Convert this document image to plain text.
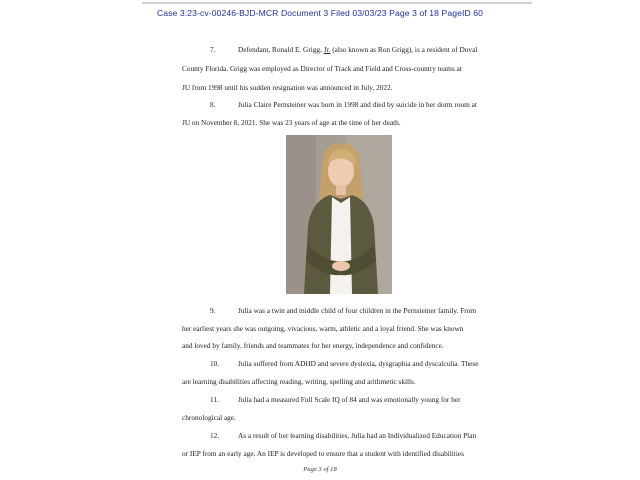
Case 3:23-cv-00246-BJD-MCR Document 3 Filed 03/03/23 Page 3 of 18 PageID 60
7.	Defendant, Ronald E. Grigg, Jr. (also known as Ron Grigg), is a resident of Duval
County Florida. Grigg was employed as Director of Track and Field and Cross-country teams at
JU from 1998 until his sudden resignation was announced in July, 2022.
8.	Julia Claire Pernsteiner was born in 1998 and died by suicide in her dorm room at
JU on November 8, 2021. She was 23 years of age at the time of her death.
9.	Julia was a twin and middle child of four children in the Pernsteiner family. From
her earliest years she was outgoing, vivacious, warm, athletic and a loyal friend. She was known
and loved by family, friends and teammates for her energy, independence and confidence.
10.	Julia suffered from ADHD and severe dyslexia, dysgraphia and dyscalculia. These
are learning disabilities affecting reading, writing, spelling and arithmetic skills.
11.	Julia had a measured Full Scale IQ of 84 and was emotionally young for her
chronological age.
12.	As a result of her learning disabilities, Julia had an Individualized Education Plan
or IEP from an early age. An IEP is developed to ensure that a student with identified disabilities
Page 3 of 18
